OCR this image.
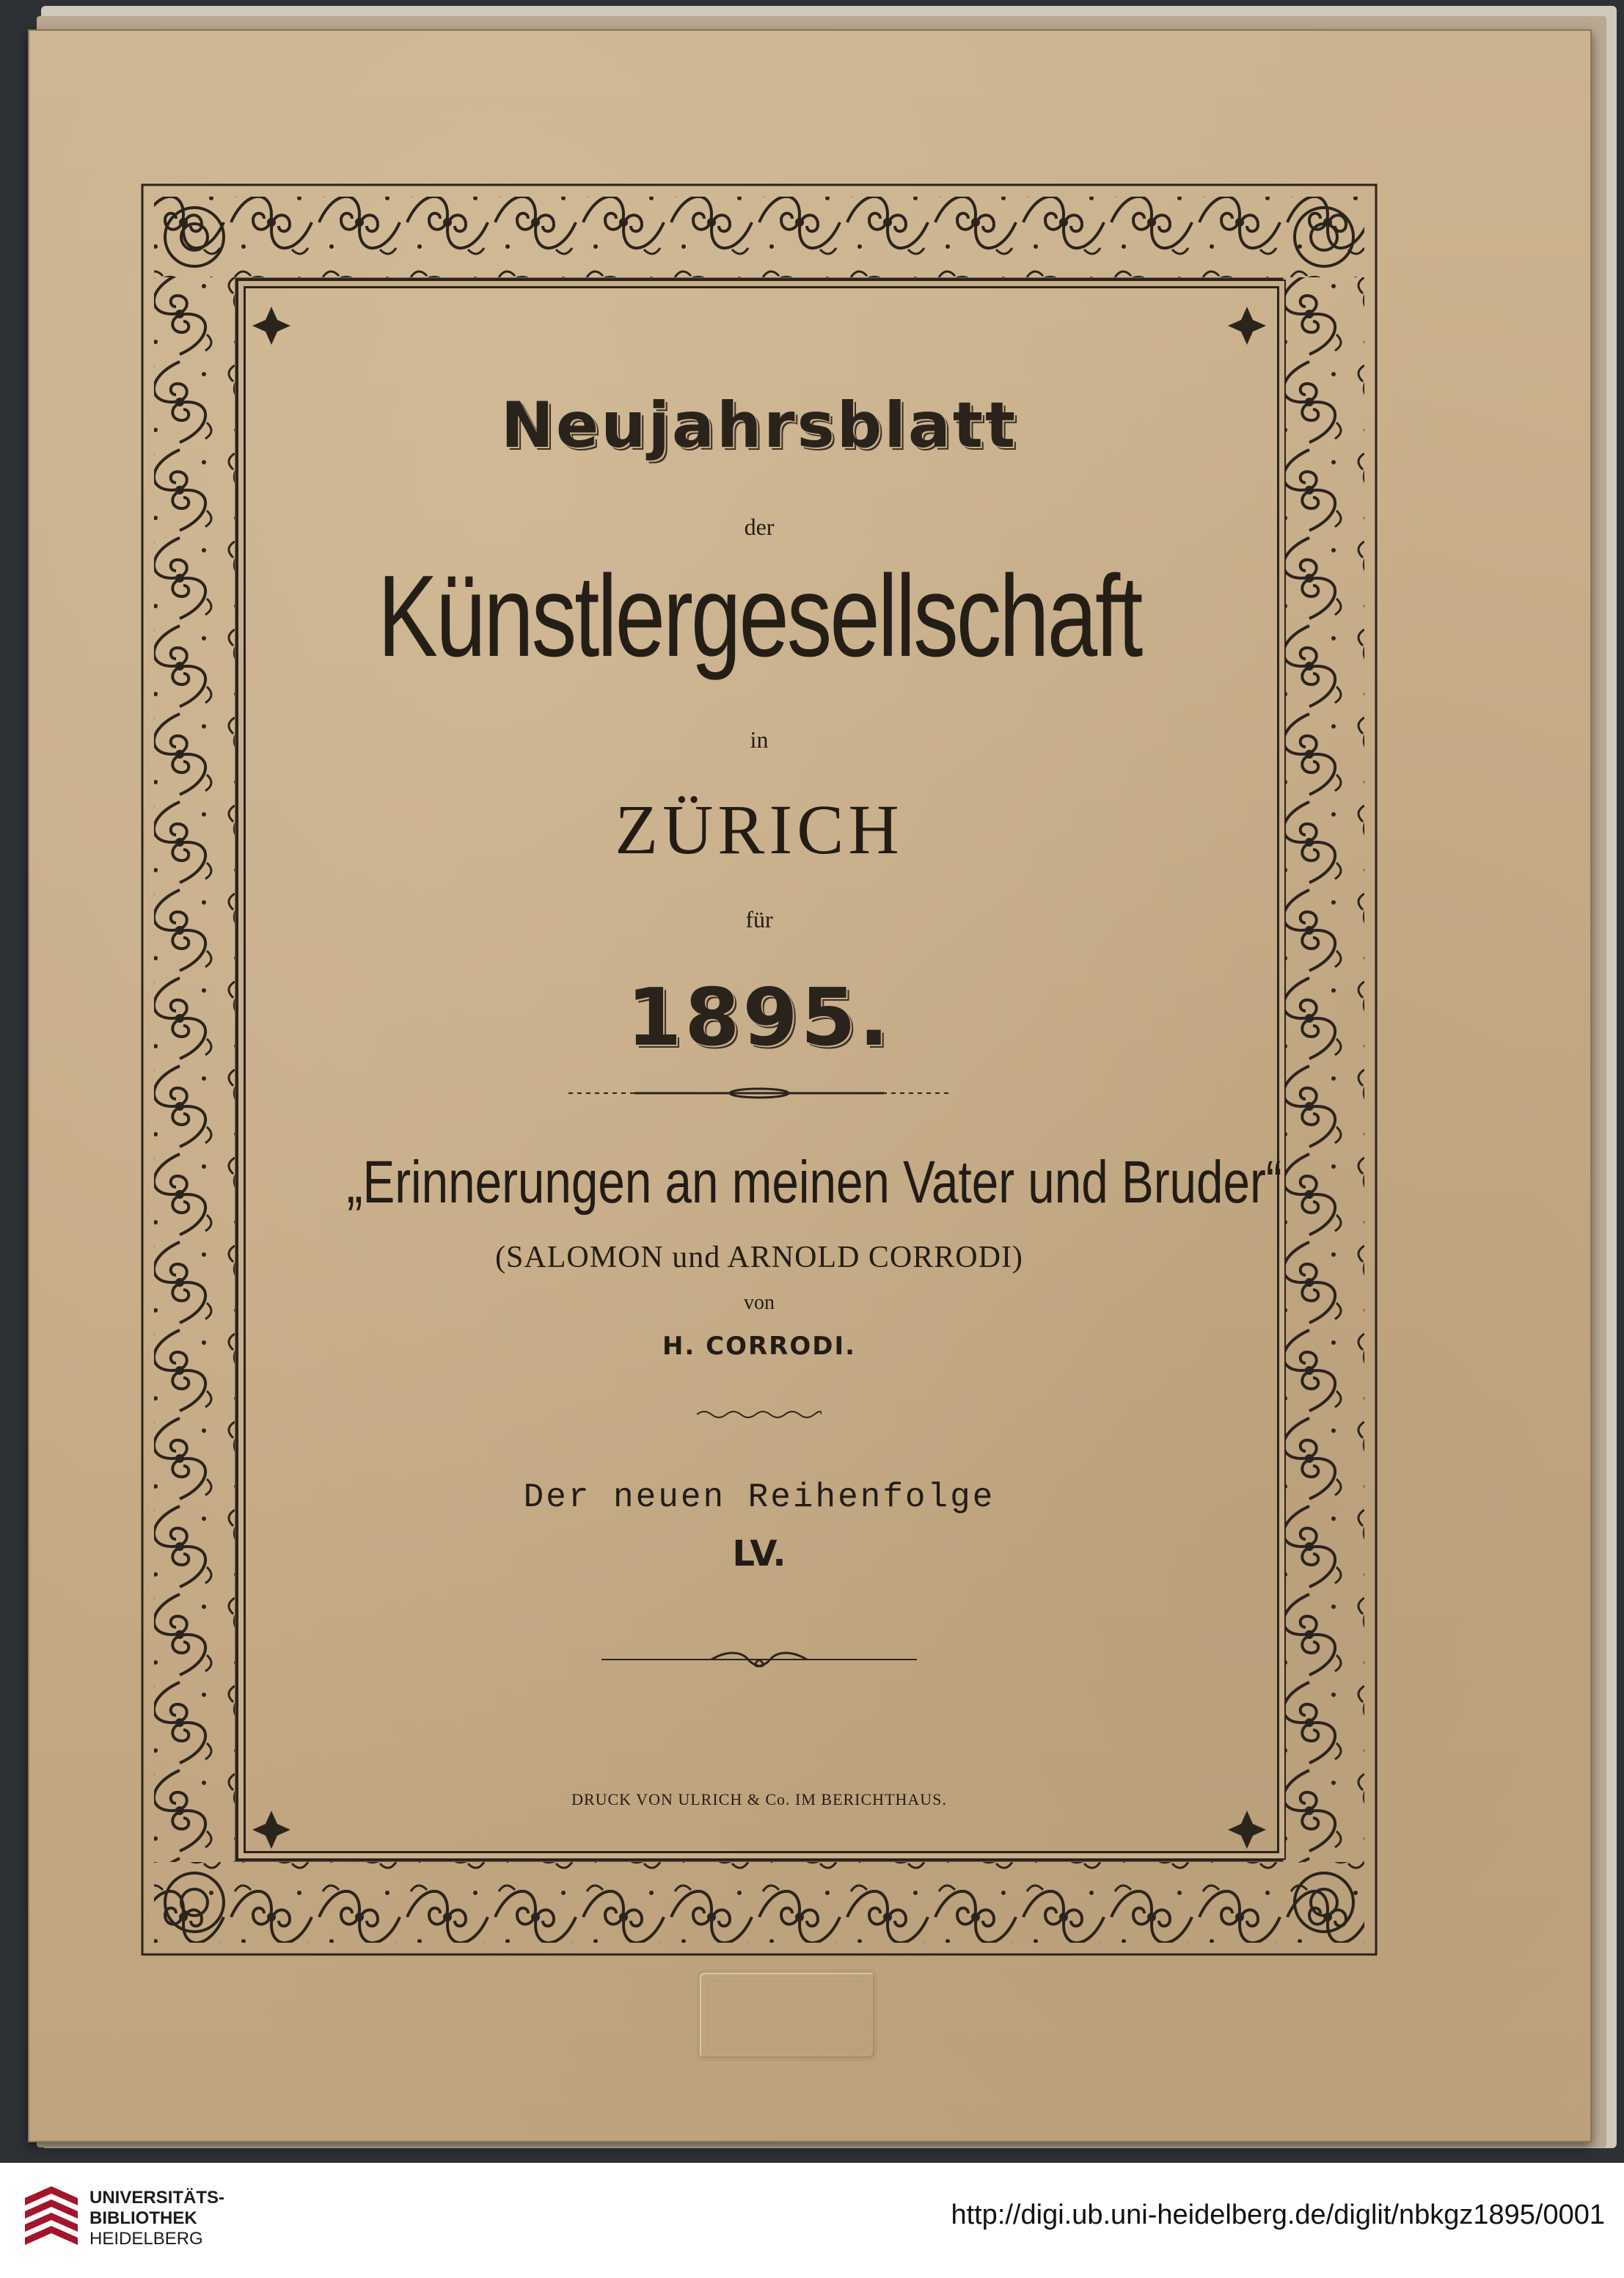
Neujahrsblatt
der
Künstlergesellschaft
in
ZÜRICH
für
1895.
„Erinnerungen an meinen Vater und Bruder“
(SALOMON und ARNOLD CORRODI)
von
H. CORRODI.
Der neuen Reihenfolge
LV.
DRUCK VON ULRICH & Co. IM BERICHTHAUS.
UNIVERSITÄTS-
BIBLIOTHEK
HEIDELBERG
http://digi.ub.uni-heidelberg.de/diglit/nbkgz1895/0001
